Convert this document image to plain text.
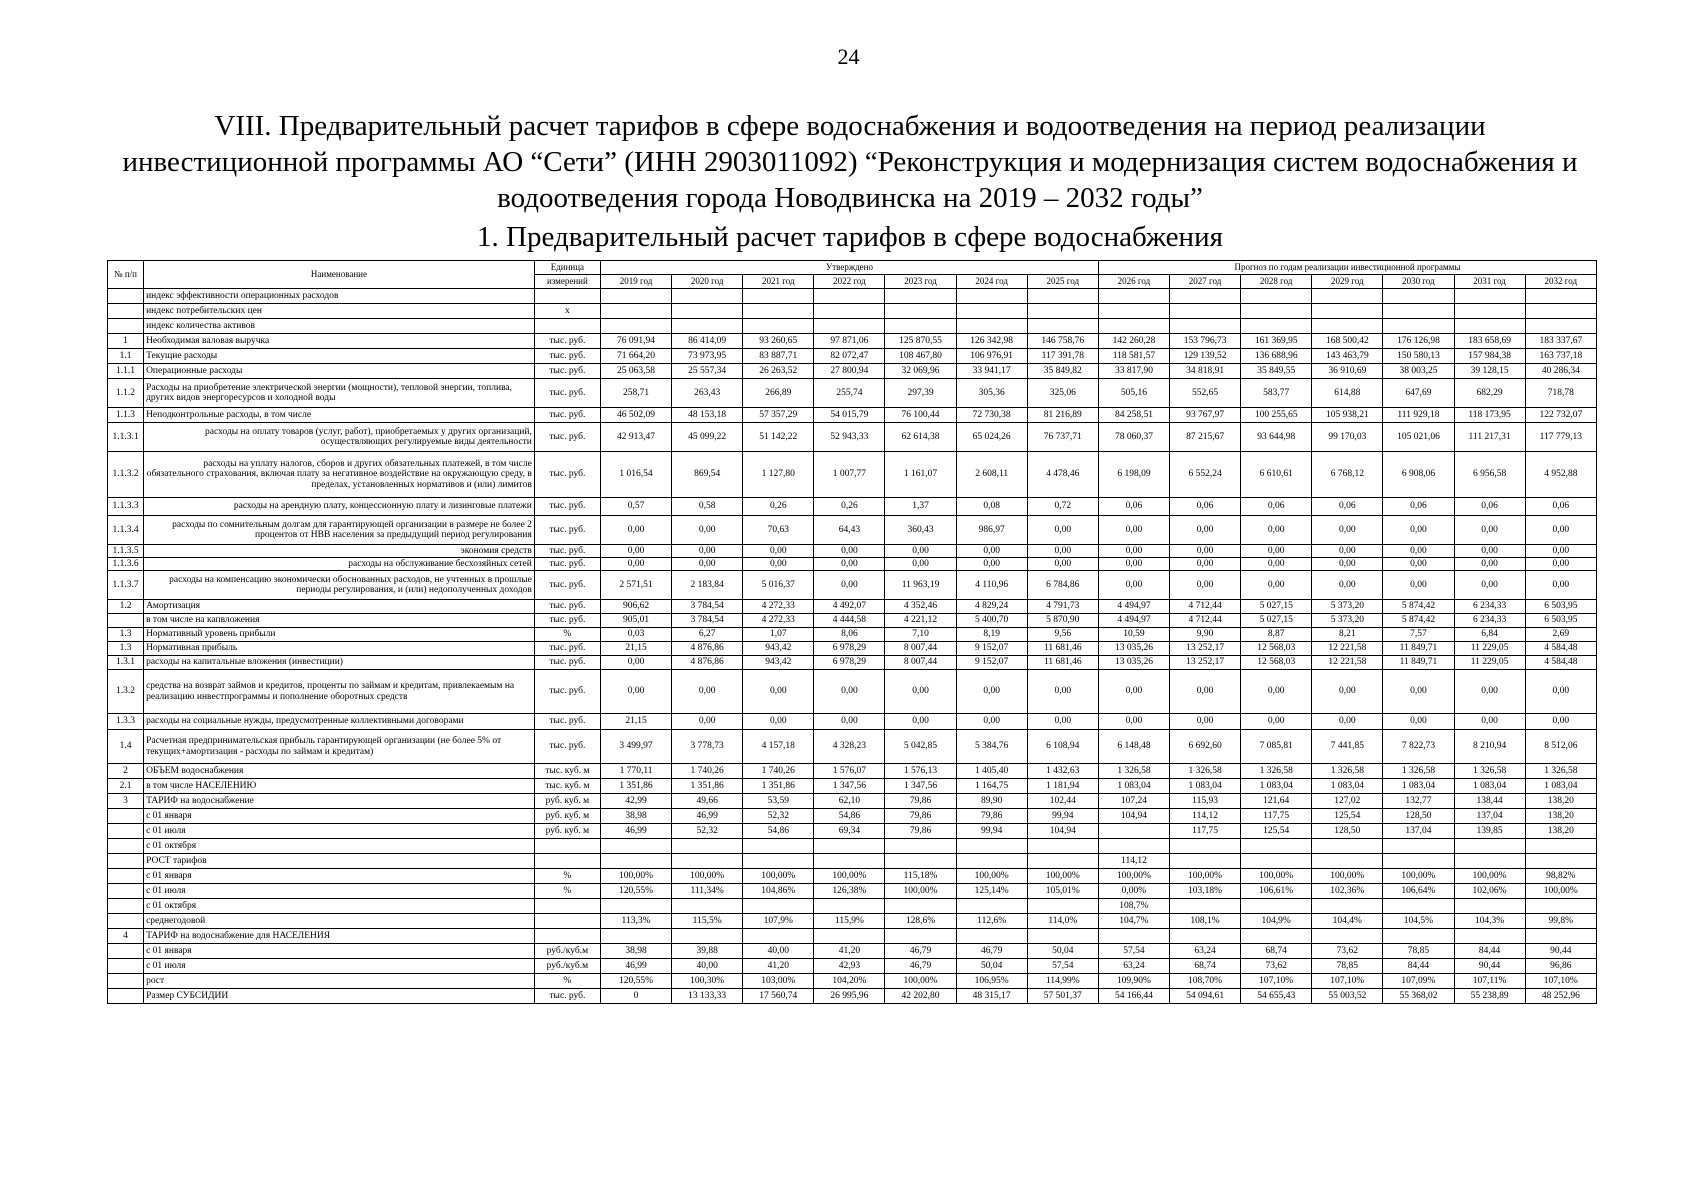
24
VIII. Предварительный расчет тарифов в сфере водоснабжения и водоотведения на период реализации
инвестиционной программы АО “Сети” (ИНН 2903011092) “Реконструкция и модернизация систем водоснабжения и
водоотведения города Новодвинска на 2019 – 2032 годы”
1. Предварительный расчет тарифов в сфере водоснабжения
№ п/п	Наименование	Единица	Утверждено							Прогноз по годам реализации инвестиционной программы						
		измерений	2019 год	2020 год	2021 год	2022 год	2023 год	2024 год	2025 год	2026 год	2027 год	2028 год	2029 год	2030 год	2031 год	2032 год
	индекс эффективности операционных расходов															
	индекс потребительских цен	х														
	индекс количества активов															
1	Необходимая валовая выручка	тыс. руб.	76 091,94	86 414,09	93 260,65	97 871,06	125 870,55	126 342,98	146 758,76	142 260,28	153 796,73	161 369,95	168 500,42	176 126,98	183 658,69	183 337,67
1.1	Текущие расходы	тыс. руб.	71 664,20	73 973,95	83 887,71	82 072,47	108 467,80	106 976,91	117 391,78	118 581,57	129 139,52	136 688,96	143 463,79	150 580,13	157 984,38	163 737,18
1.1.1	Операционные расходы	тыс. руб.	25 063,58	25 557,34	26 263,52	27 800,94	32 069,96	33 941,17	35 849,82	33 817,90	34 818,91	35 849,55	36 910,69	38 003,25	39 128,15	40 286,34
1.1.2	Расходы на приобретение электрической энергии (мощности), тепловой энергии, топлива, других видов энергоресурсов и холодной воды	тыс. руб.	258,71	263,43	266,89	255,74	297,39	305,36	325,06	505,16	552,65	583,77	614,88	647,69	682,29	718,78
1.1.3	Неподконтрольные расходы, в том числе	тыс. руб.	46 502,09	48 153,18	57 357,29	54 015,79	76 100,44	72 730,38	81 216,89	84 258,51	93 767,97	100 255,65	105 938,21	111 929,18	118 173,95	122 732,07
1.1.3.1	расходы на оплату товаров (услуг, работ), приобретаемых у других организаций, осуществляющих регулируемые виды деятельности	тыс. руб.	42 913,47	45 099,22	51 142,22	52 943,33	62 614,38	65 024,26	76 737,71	78 060,37	87 215,67	93 644,98	99 170,03	105 021,06	111 217,31	117 779,13
1.1.3.2	расходы на уплату налогов, сборов и других обязательных платежей, в том числе обязательного страхования, включая плату за негативное воздействие на окружающую среду, в пределах, установленных нормативов и (или) лимитов	тыс. руб.	1 016,54	869,54	1 127,80	1 007,77	1 161,07	2 608,11	4 478,46	6 198,09	6 552,24	6 610,61	6 768,12	6 908,06	6 956,58	4 952,88
1.1.3.3	расходы на арендную плату, концессионную плату и лизинговые платежи	тыс. руб.	0,57	0,58	0,26	0,26	1,37	0,08	0,72	0,06	0,06	0,06	0,06	0,06	0,06	0,06
1.1.3.4	расходы по сомнительным долгам для гарантирующей организации в размере не более 2 процентов от НВВ населения за предыдущий период регулирования	тыс. руб.	0,00	0,00	70,63	64,43	360,43	986,97	0,00	0,00	0,00	0,00	0,00	0,00	0,00	0,00
1.1.3.5	экономия средств	тыс. руб.	0,00	0,00	0,00	0,00	0,00	0,00	0,00	0,00	0,00	0,00	0,00	0,00	0,00	0,00
1.1.3.6	расходы на обслуживание бесхозяйных сетей	тыс. руб.	0,00	0,00	0,00	0,00	0,00	0,00	0,00	0,00	0,00	0,00	0,00	0,00	0,00	0,00
1.1.3.7	расходы на компенсацию экономически обоснованных расходов, не учтенных в прошлые периоды регулирования, и (или) недополученных доходов	тыс. руб.	2 571,51	2 183,84	5 016,37	0,00	11 963,19	4 110,96	6 784,86	0,00	0,00	0,00	0,00	0,00	0,00	0,00
1.2	Амортизация	тыс. руб.	906,62	3 784,54	4 272,33	4 492,07	4 352,46	4 829,24	4 791,73	4 494,97	4 712,44	5 027,15	5 373,20	5 874,42	6 234,33	6 503,95
	в том числе на капвложения	тыс. руб.	905,01	3 784,54	4 272,33	4 444,58	4 221,12	5 400,70	5 870,90	4 494,97	4 712,44	5 027,15	5 373,20	5 874,42	6 234,33	6 503,95
1.3	Нормативный уровень прибыли	%	0,03	6,27	1,07	8,06	7,10	8,19	9,56	10,59	9,90	8,87	8,21	7,57	6,84	2,69
1.3	Нормативная прибыль	тыс. руб.	21,15	4 876,86	943,42	6 978,29	8 007,44	9 152,07	11 681,46	13 035,26	13 252,17	12 568,03	12 221,58	11 849,71	11 229,05	4 584,48
1.3.1	расходы на капитальные вложения (инвестиции)	тыс. руб.	0,00	4 876,86	943,42	6 978,29	8 007,44	9 152,07	11 681,46	13 035,26	13 252,17	12 568,03	12 221,58	11 849,71	11 229,05	4 584,48
1.3.2	средства на возврат займов и кредитов, проценты по займам и кредитам, привлекаемым на реализацию инвестпрограммы и пополнение оборотных средств	тыс. руб.	0,00	0,00	0,00	0,00	0,00	0,00	0,00	0,00	0,00	0,00	0,00	0,00	0,00	0,00
1.3.3	расходы на социальные нужды, предусмотренные коллективными договорами	тыс. руб.	21,15	0,00	0,00	0,00	0,00	0,00	0,00	0,00	0,00	0,00	0,00	0,00	0,00	0,00
1.4	Расчетная предпринимательская прибыль гарантирующей организации (не более 5% от текущих+амортизация - расходы по займам и кредитам)	тыс. руб.	3 499,97	3 778,73	4 157,18	4 328,23	5 042,85	5 384,76	6 108,94	6 148,48	6 692,60	7 085,81	7 441,85	7 822,73	8 210,94	8 512,06
2	ОБЪЕМ водоснабжения	тыс. куб. м	1 770,11	1 740,26	1 740,26	1 576,07	1 576,13	1 405,40	1 432,63	1 326,58	1 326,58	1 326,58	1 326,58	1 326,58	1 326,58	1 326,58
2.1	в том числе НАСЕЛЕНИЮ	тыс. куб. м	1 351,86	1 351,86	1 351,86	1 347,56	1 347,56	1 164,75	1 181,94	1 083,04	1 083,04	1 083,04	1 083,04	1 083,04	1 083,04	1 083,04
3	ТАРИФ на водоснабжение	руб. куб. м	42,99	49,66	53,59	62,10	79,86	89,90	102,44	107,24	115,93	121,64	127,02	132,77	138,44	138,20
	с 01 января	руб. куб. м	38,98	46,99	52,32	54,86	79,86	79,86	99,94	104,94	114,12	117,75	125,54	128,50	137,04	138,20
	с 01 июля	руб. куб. м	46,99	52,32	54,86	69,34	79,86	99,94	104,94		117,75	125,54	128,50	137,04	139,85	138,20
	с 01 октября															
	РОСТ тарифов									114,12						
	с 01 января	%	100,00%	100,00%	100,00%	100,00%	115,18%	100,00%	100,00%	100,00%	100,00%	100,00%	100,00%	100,00%	100,00%	98,82%
	с 01 июля	%	120,55%	111,34%	104,86%	126,38%	100,00%	125,14%	105,01%	0,00%	103,18%	106,61%	102,36%	106,64%	102,06%	100,00%
	с 01 октября									108,7%						
	среднегодовой		113,3%	115,5%	107,9%	115,9%	128,6%	112,6%	114,0%	104,7%	108,1%	104,9%	104,4%	104,5%	104,3%	99,8%
4	ТАРИФ на водоснабжение для НАСЕЛЕНИЯ															
	с 01 января	руб./куб.м	38,98	39,88	40,00	41,20	46,79	46,79	50,04	57,54	63,24	68,74	73,62	78,85	84,44	90,44
	с 01 июля	руб./куб.м	46,99	40,00	41,20	42,93	46,79	50,04	57,54	63,24	68,74	73,62	78,85	84,44	90,44	96,86
	рост	%	120,55%	100,30%	103,00%	104,20%	100,00%	106,95%	114,99%	109,90%	108,70%	107,10%	107,10%	107,09%	107,11%	107,10%
	Размер СУБСИДИИ	тыс. руб.	0	13 133,33	17 560,74	26 995,96	42 202,80	48 315,17	57 501,37	54 166,44	54 094,61	54 655,43	55 003,52	55 368,02	55 238,89	48 252,96
